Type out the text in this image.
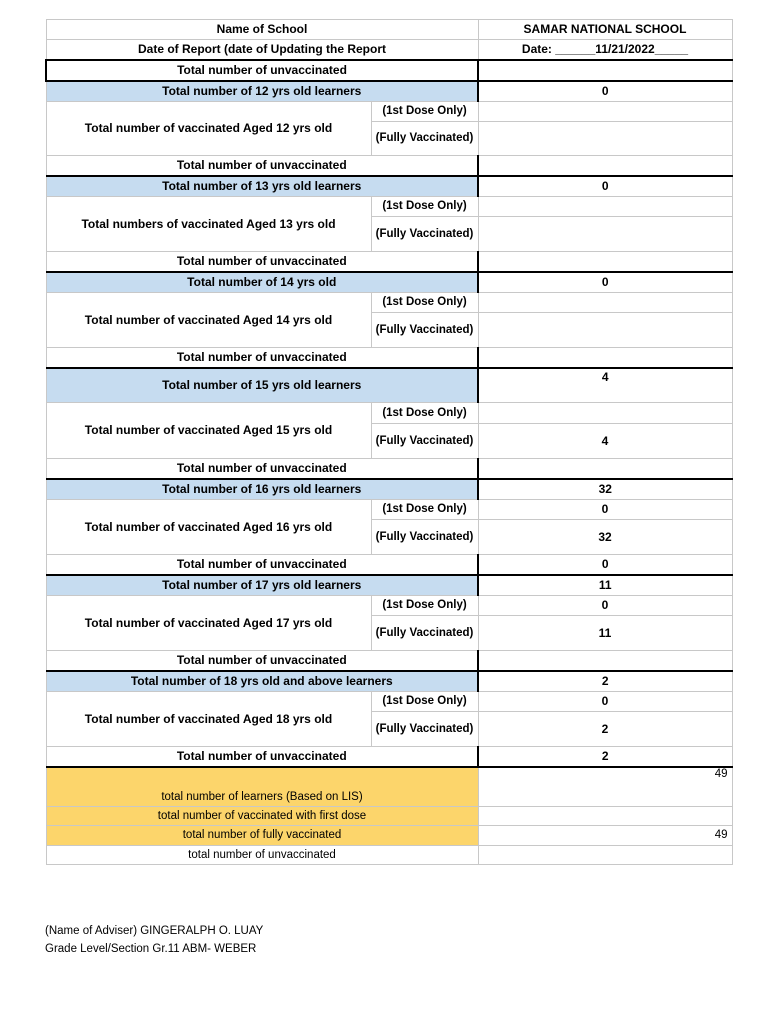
Name of School		SAMAR NATIONAL SCHOOL
Date of Report (date of Updating the Report		Date: ______11/21/2022_____
Total number of unvaccinated		
Total number of 12 yrs old learners		0
Total number of vaccinated Aged 12 yrs old	(1st Dose Only)	
	(Fully Vaccinated)	
Total number of unvaccinated		
Total number of 13 yrs old learners		0
Total numbers of vaccinated Aged 13 yrs old	(1st Dose Only)	
	(Fully Vaccinated)	
Total number of unvaccinated		
Total number of 14 yrs old		0
Total number of vaccinated Aged 14 yrs old	(1st Dose Only)	
	(Fully Vaccinated)	
Total number of unvaccinated		
Total number of 15 yrs old learners		4
Total number of vaccinated Aged 15 yrs old	(1st Dose Only)	
	(Fully Vaccinated)	4
Total number of unvaccinated		
Total number of 16 yrs old learners		32
Total number of vaccinated Aged 16 yrs old	(1st Dose Only)	0
	(Fully Vaccinated)	32
Total number of unvaccinated		0
Total number of 17 yrs old learners		11
Total number of vaccinated Aged 17 yrs old	(1st Dose Only)	0
	(Fully Vaccinated)	11
Total number of unvaccinated		
Total number of 18 yrs old and above learners		2
Total number of vaccinated Aged 18 yrs old	(1st Dose Only)	0
	(Fully Vaccinated)	2
Total number of unvaccinated		2
total number of learners (Based on LIS)		49
total number of vaccinated with first dose		
total number of fully vaccinated		49
total number of unvaccinated		
(Name of Adviser) GINGERALPH O. LUAY
Grade Level/Section Gr.11 ABM- WEBER
